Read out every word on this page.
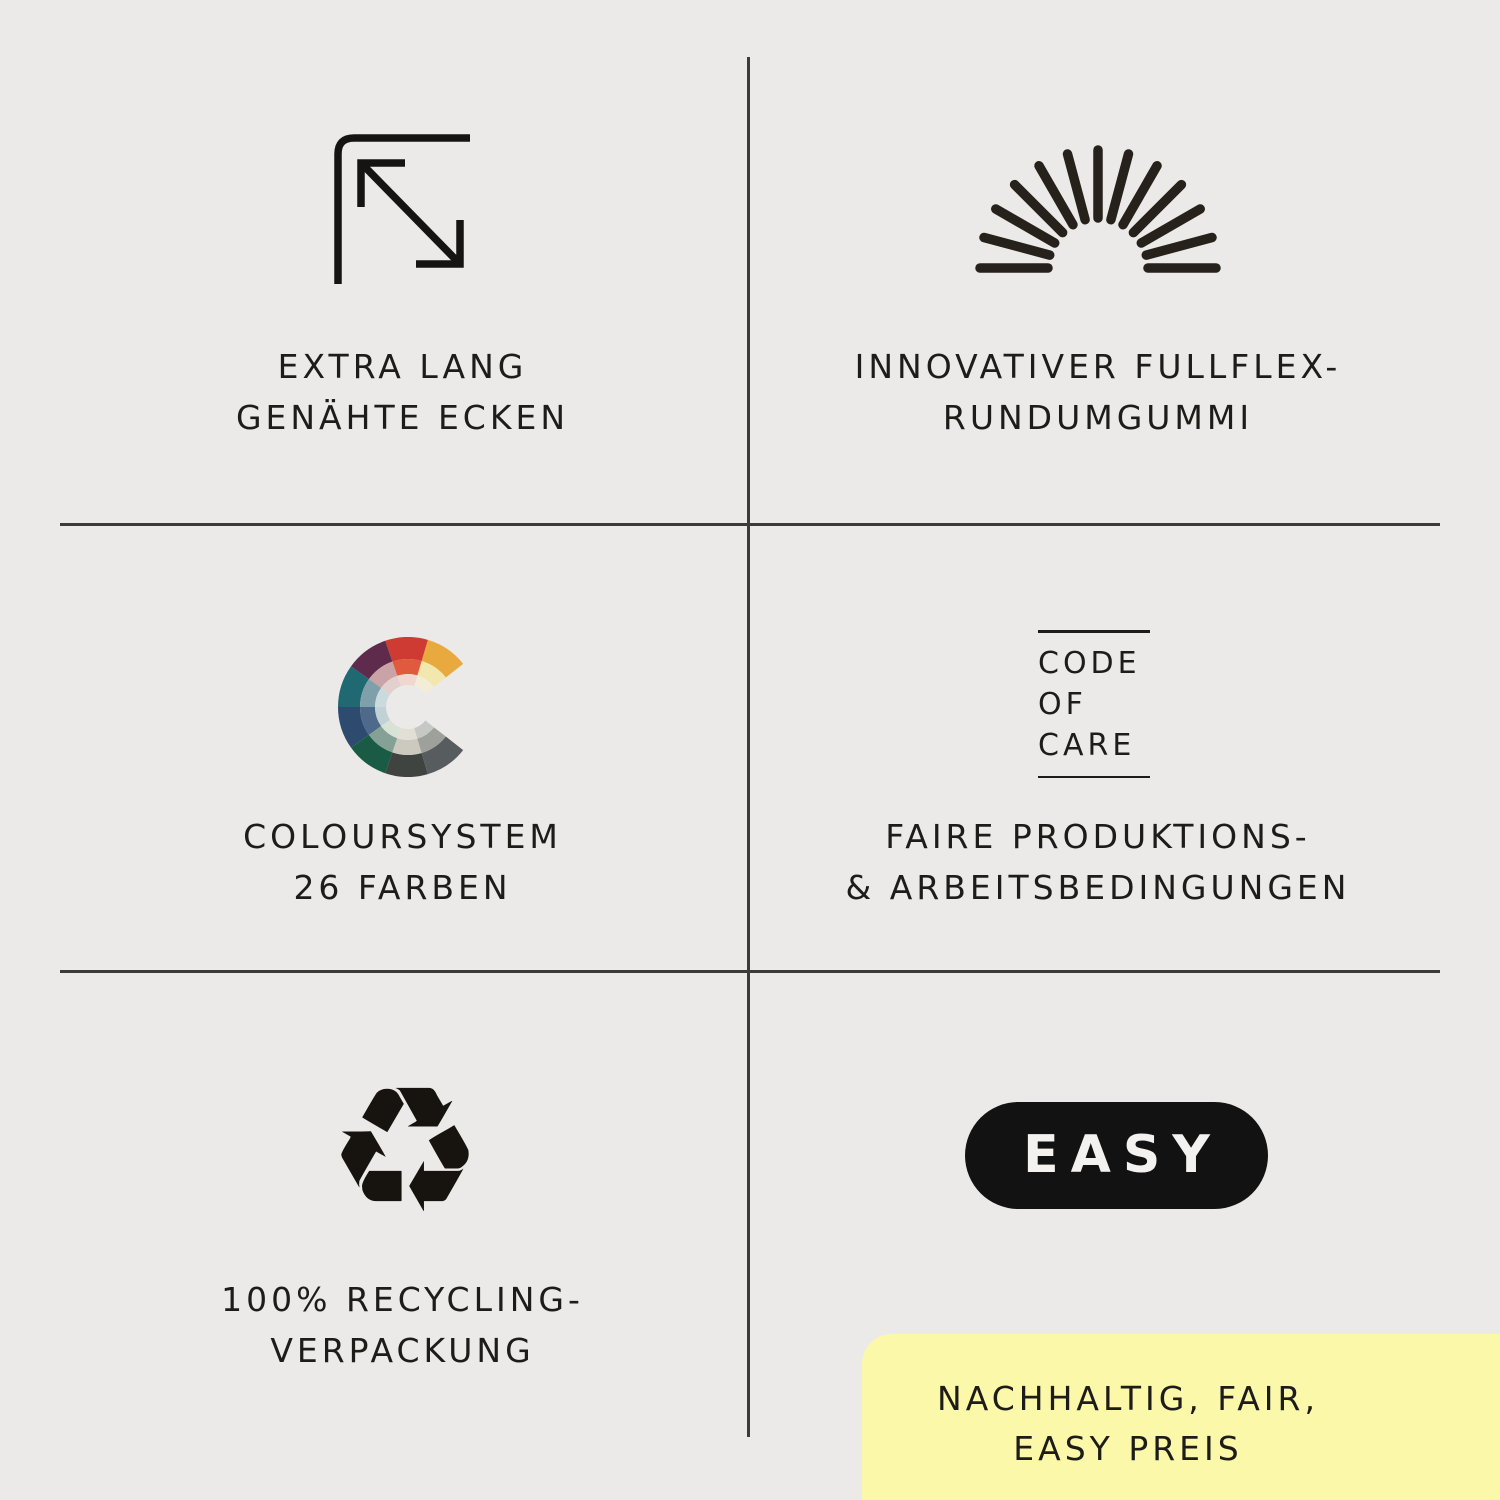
EXTRA LANG
GENÄHTE ECKEN
INNOVATIVER FULLFLEX-
RUNDUMGUMMI
COLOURSYSTEM
26 FARBEN
CODE
OF
CARE
FAIRE PRODUKTIONS-
& ARBEITSBEDINGUNGEN
♻
100% RECYCLING-
VERPACKUNG
EASY
NACHHALTIG, FAIR,
EASY PREIS
